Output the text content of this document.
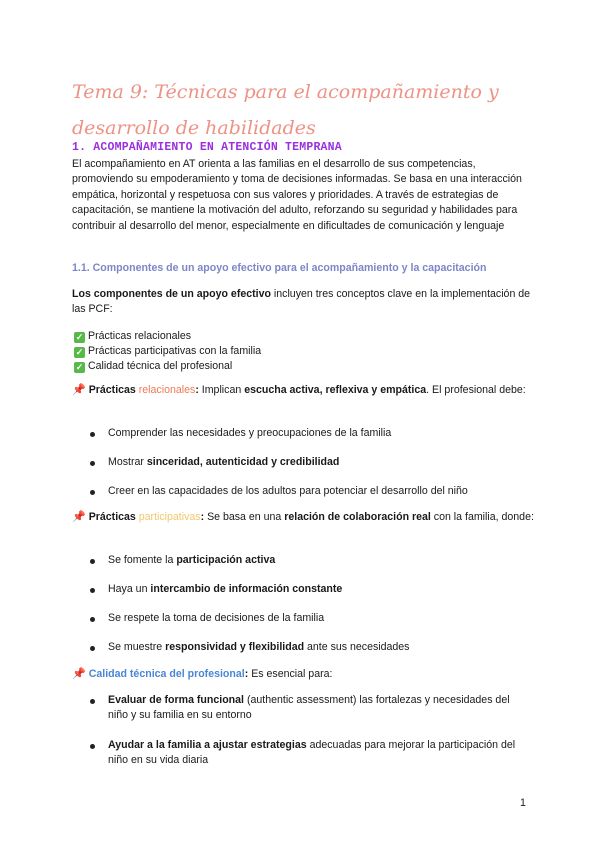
Tema 9: Técnicas para el acompañamiento y desarrollo de habilidades
1. ACOMPAÑAMIENTO EN ATENCIÓN TEMPRANA

El acompañamiento en AT orienta a las familias en el desarrollo de sus competencias, promoviendo su empoderamiento y toma de decisiones informadas. Se basa en una interacción empática, horizontal y respetuosa con sus valores y prioridades. A través de estrategias de capacitación, se mantiene la motivación del adulto, reforzando su seguridad y habilidades para contribuir al desarrollo del menor, especialmente en dificultades de comunicación y lenguaje

1.1. Componentes de un apoyo efectivo para el acompañamiento y la capacitación

Los componentes de un apoyo efectivo incluyen tres conceptos clave en la implementación de las PCF:

✓ Prácticas relacionales
✓ Prácticas participativas con la familia
✓ Calidad técnica del profesional

📌 Prácticas relacionales: Implican escucha activa, reflexiva y empática. El profesional debe:

Comprender las necesidades y preocupaciones de la familia
Mostrar sinceridad, autenticidad y credibilidad
Creer en las capacidades de los adultos para potenciar el desarrollo del niño

📌 Prácticas participativas: Se basa en una relación de colaboración real con la familia, donde:

Se fomente la participación activa
Haya un intercambio de información constante
Se respete la toma de decisiones de la familia
Se muestre responsividad y flexibilidad ante sus necesidades

📌 Calidad técnica del profesional: Es esencial para:

Evaluar de forma funcional (authentic assessment) las fortalezas y necesidades del niño y su familia en su entorno
Ayudar a la familia a ajustar estrategias adecuadas para mejorar la participación del niño en su vida diaria
1
